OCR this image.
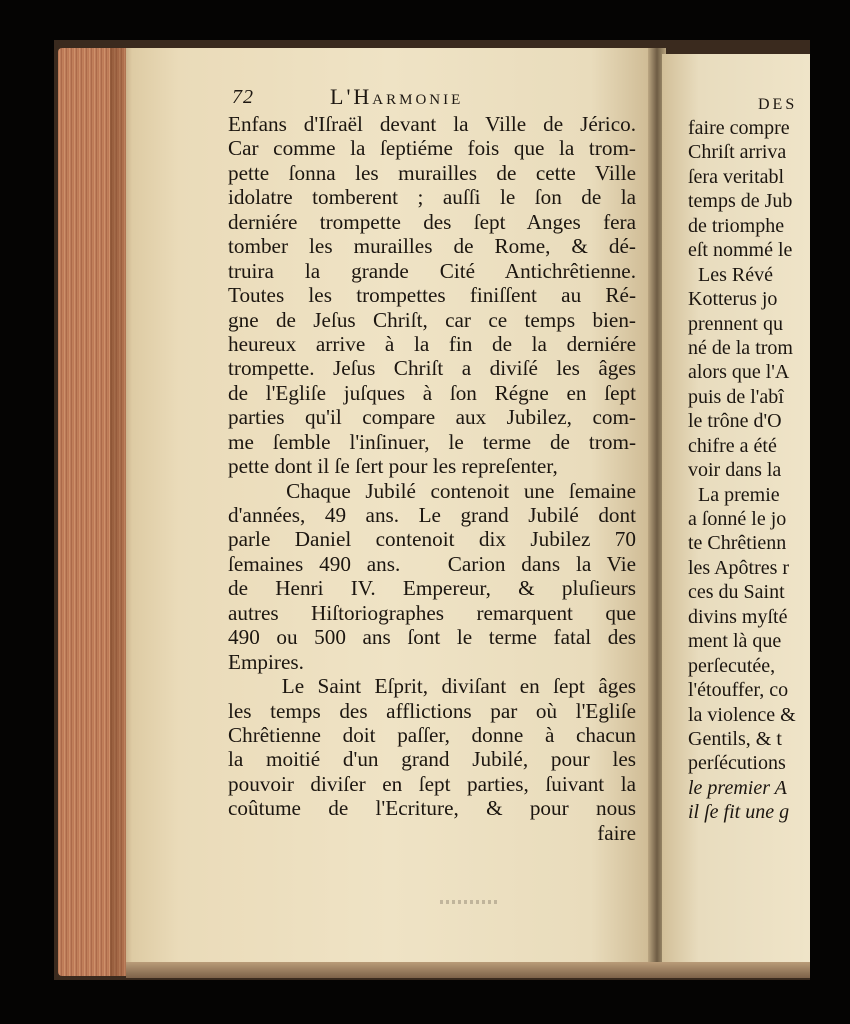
72	L'Harmonie	DES
Enfans d'Iſraël devant la Ville de Jérico.
Car comme la ſeptiéme fois que la trom-
pette ſonna les murailles de cette Ville
idolatre tomberent ; auſſi le ſon de la
derniére trompette des ſept Anges fera
tomber les murailles de Rome, & dé-
truira la grande Cité Antichrêtienne.
Toutes les trompettes finiſſent au Ré-
gne de Jeſus Chriſt, car ce temps bien-
heureux arrive à la fin de la derniére
trompette. Jeſus Chriſt a diviſé les âges
de l'Egliſe juſques à ſon Régne en ſept
parties qu'il compare aux Jubilez, com-
me ſemble l'inſinuer, le terme de trom-
pette dont il ſe ſert pour les repreſenter,
Chaque Jubilé contenoit une ſemaine
d'années, 49 ans. Le grand Jubilé dont
parle Daniel contenoit dix Jubilez 70
ſemaines 490 ans.   Carion dans la Vie
de Henri IV. Empereur, & pluſieurs
autres Hiſtoriographes remarquent que
490 ou 500 ans ſont le terme fatal des
Empires.
Le Saint Eſprit, diviſant en ſept âges
les temps des afflictions par où l'Egliſe
Chrêtienne doit paſſer, donne à chacun
la moitié d'un grand Jubilé, pour les
pouvoir diviſer en ſept parties, ſuivant la
coûtume de l'Ecriture, & pour nous
faire
faire compre
Chriſt arriva
ſera veritabl
temps de Jub
de triomphe
eſt nommé le
Les Révé
Kotterus jo
prennent qu
né de la trom
alors que l'A
puis de l'abî
le trône d'O
chifre a été
voir dans la
La premie
a ſonné le jo
te Chrêtienn
les Apôtres r
ces du Saint
divins myſté
ment là que
perſecutée,
l'étouffer, co
la violence &
Gentils, & t
perſécutions
le premier A
il ſe fit une g
